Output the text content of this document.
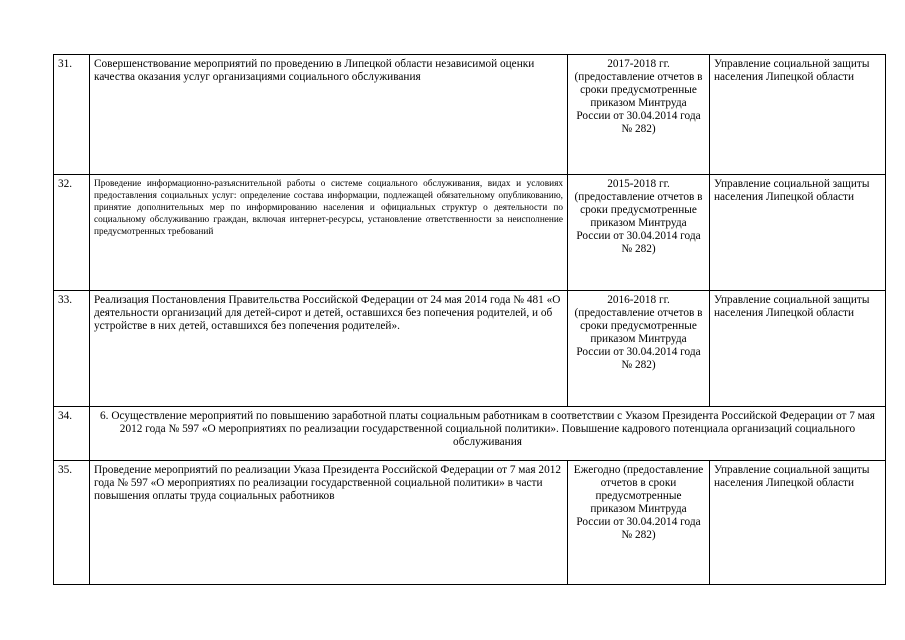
31.	Совершенствование мероприятий по проведению в Липецкой области независимой оценки качества оказания услуг организациями социального обслуживания	2017-2018 гг. (предоставление отчетов в сроки предусмотренные приказом Минтруда России от 30.04.2014 года № 282)	Управление социальной защиты населения Липецкой области
32.	Проведение информационно-разъяснительной работы о системе социального обслуживания, видах и условиях предоставления социальных услуг: определение состава информации, подлежащей обязательному опубликованию, принятие дополнительных мер по информированию населения и официальных структур о деятельности по социальному обслуживанию граждан, включая интернет-ресурсы, установление ответственности за неисполнение предусмотренных требований	2015-2018 гг. (предоставление отчетов в сроки предусмотренные приказом Минтруда России от 30.04.2014 года № 282)	Управление социальной защиты населения Липецкой области
33.	Реализация Постановления Правительства Российской Федерации от 24 мая 2014 года № 481 «О деятельности организаций для детей-сирот и детей, оставшихся без попечения родителей, и об устройстве в них детей, оставшихся без попечения родителей».	2016-2018 гг. (предоставление отчетов в сроки предусмотренные приказом Минтруда России от 30.04.2014 года № 282)	Управление социальной защиты населения Липецкой области
34.	6. Осуществление мероприятий по повышению заработной платы социальным работникам в соответствии с Указом Президента Российской Федерации от 7 мая 2012 года № 597 «О мероприятиях по реализации государственной социальной политики». Повышение кадрового потенциала организаций социального обслуживания		
35.	Проведение мероприятий по реализации Указа Президента Российской Федерации от 7 мая 2012 года № 597 «О мероприятиях по реализации государственной социальной политики» в части повышения оплаты труда социальных работников	Ежегодно (предоставление отчетов в сроки предусмотренные приказом Минтруда России от 30.04.2014 года № 282)	Управление социальной защиты населения Липецкой области
